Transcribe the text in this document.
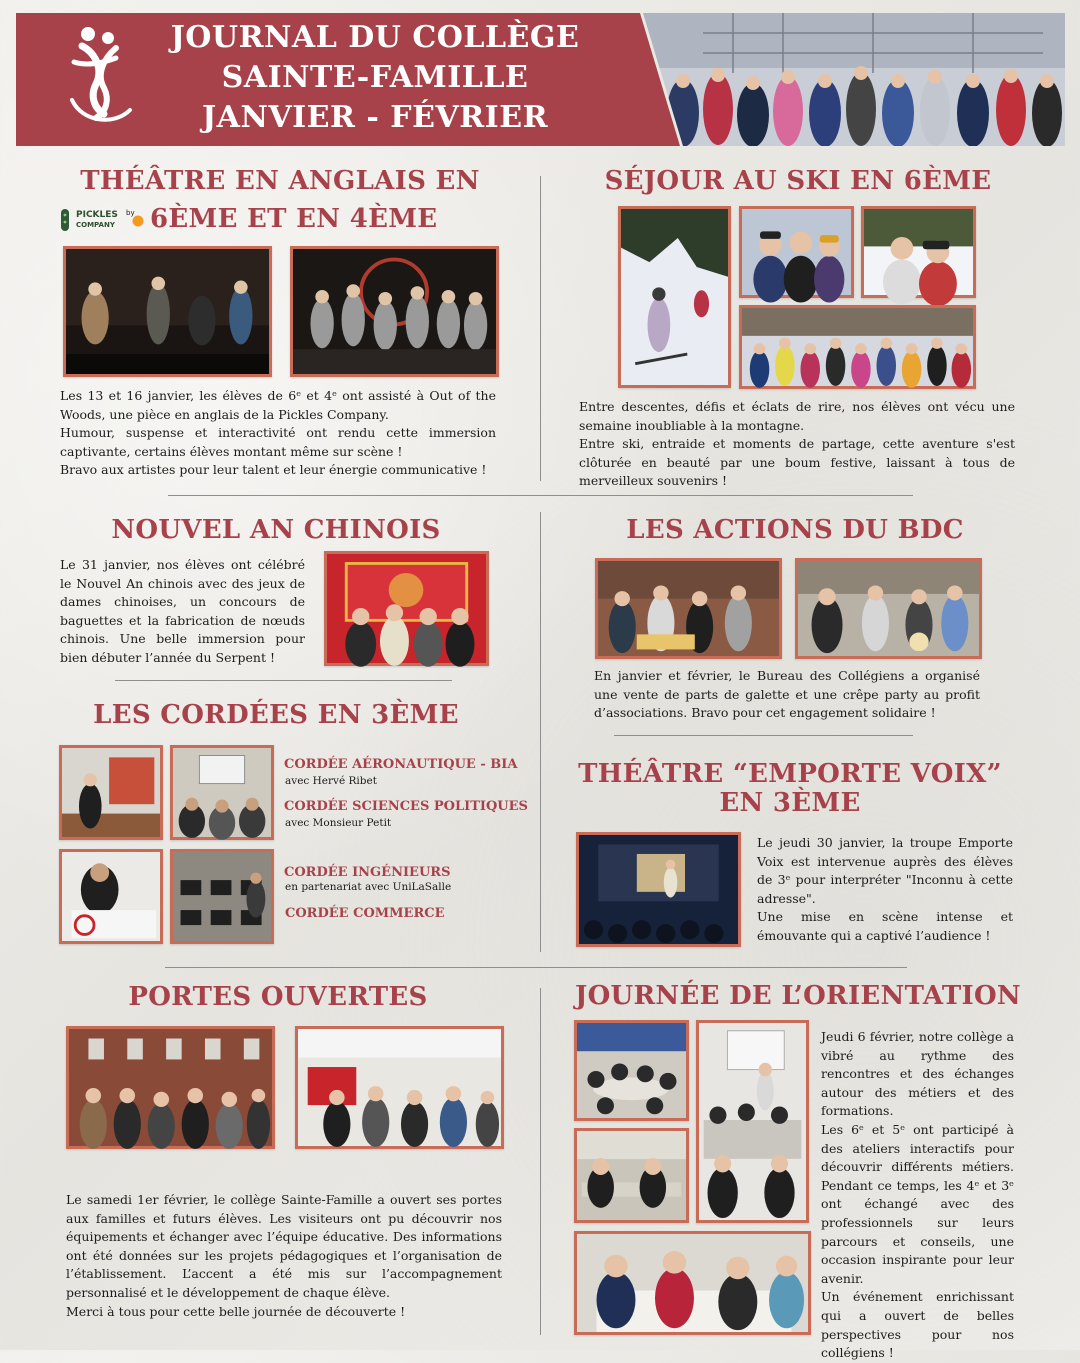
JOURNAL DU COLLÈGE
SAINTE-FAMILLE
JANVIER - FÉVRIER
THÉÂTRE EN ANGLAIS EN
PICKLES
COMPANY
by 6ÈME ET EN 4ÈME

Les 13 et 16 janvier, les élèves de 6ᵉ et 4ᵉ ont assisté à Out of the Woods, une pièce en anglais de la Pickles Company.

Humour, suspense et interactivité ont rendu cette immersion captivante, certains élèves montant même sur scène !

Bravo aux artistes pour leur talent et leur énergie communicative !

SÉJOUR AU SKI EN 6ÈME

Entre descentes, défis et éclats de rire, nos élèves ont vécu une semaine inoubliable à la montagne.

Entre ski, entraide et moments de partage, cette aventure s'est clôturée en beauté par une boum festive, laissant à tous de merveilleux souvenirs !

NOUVEL AN CHINOIS

Le 31 janvier, nos élèves ont célébré le Nouvel An chinois avec des jeux de dames chinoises, un concours de baguettes et la fabrication de nœuds chinois. Une belle immersion pour bien débuter l’année du Serpent !

LES ACTIONS DU BDC

En janvier et février, le Bureau des Collégiens a organisé une vente de parts de galette et une crêpe party au profit d’associations. Bravo pour cet engagement solidaire !

LES CORDÉES EN 3ÈME
CORDÉE AÉRONAUTIQUE - BIA
avec Hervé Ribet
CORDÉE SCIENCES POLITIQUES
avec Monsieur Petit
CORDÉE INGÉNIEURS
en partenariat avec UniLaSalle
CORDÉE COMMERCE
THÉÂTRE “EMPORTE VOIX”
EN 3ÈME

Le jeudi 30 janvier, la troupe Emporte Voix est intervenue auprès des élèves de 3ᵉ pour interpréter "Inconnu à cette adresse".

Une mise en scène intense et émouvante qui a captivé l’audience !

PORTES OUVERTES

Le samedi 1er février, le collège Sainte-Famille a ouvert ses portes aux familles et futurs élèves. Les visiteurs ont pu découvrir nos équipements et échanger avec l’équipe éducative. Des informations ont été données sur les projets pédagogiques et l’organisation de l’établissement. L’accent a été mis sur l’accompagnement personnalisé et le développement de chaque élève.

Merci à tous pour cette belle journée de découverte !

JOURNÉE DE L’ORIENTATION

Jeudi 6 février, notre collège a vibré au rythme des rencontres et des échanges autour des métiers et des formations.

Les 6ᵉ et 5ᵉ ont participé à des ateliers interactifs pour découvrir différents métiers. Pendant ce temps, les 4ᵉ et 3ᵉ ont échangé avec des professionnels sur leurs parcours et conseils, une occasion inspirante pour leur avenir.

Un événement enrichissant qui a ouvert de belles perspectives pour nos collégiens !
